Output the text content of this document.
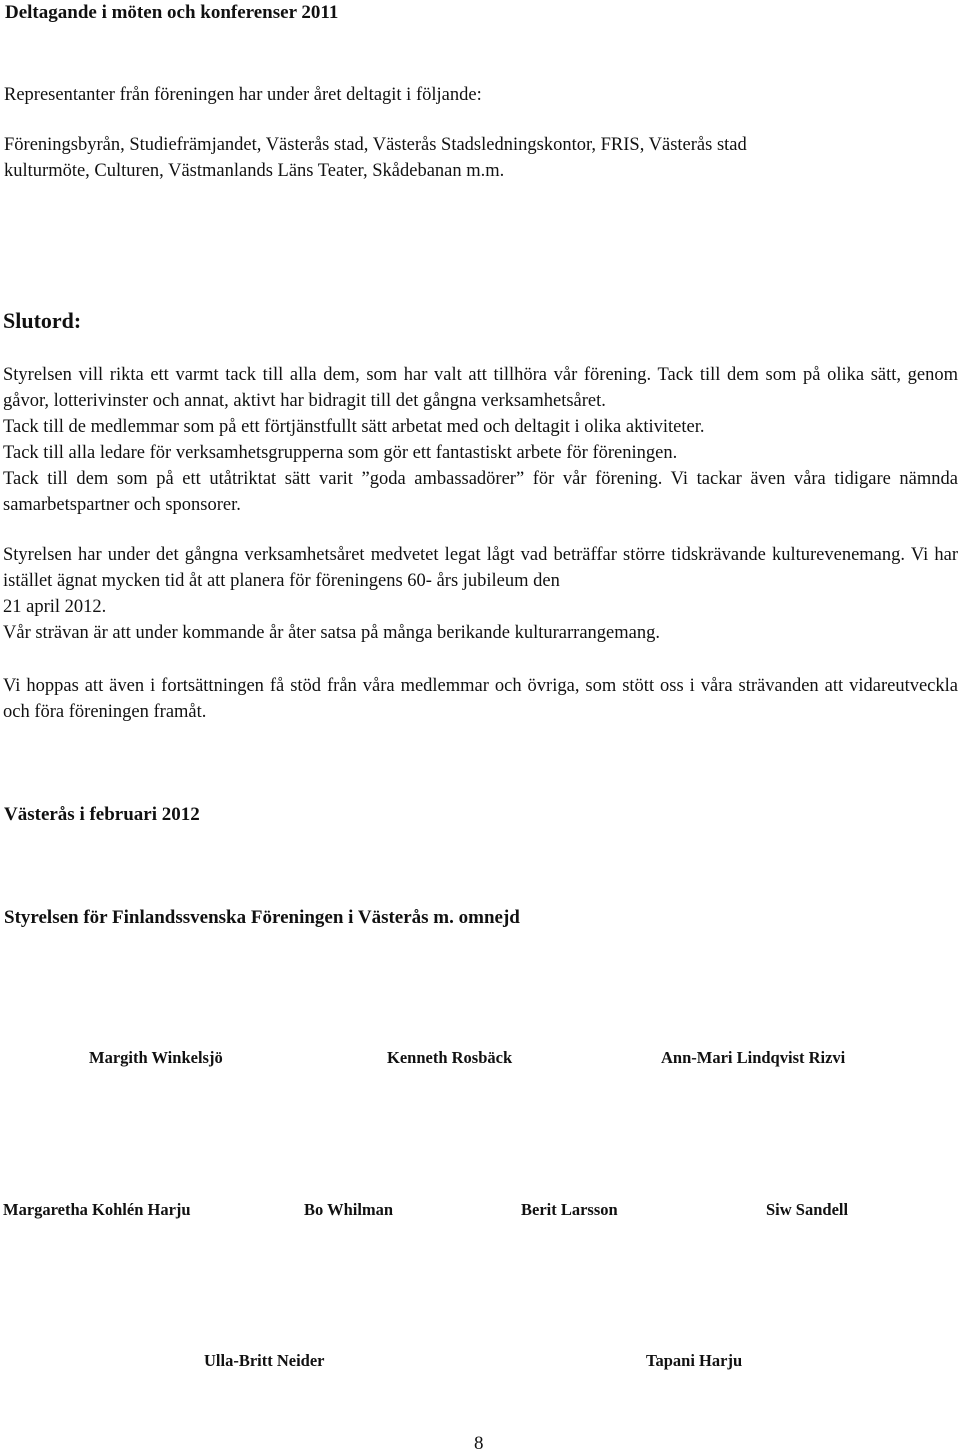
Deltagande i möten och konferenser 2011
Representanter från föreningen har under året deltagit i följande:
Föreningsbyrån, Studiefrämjandet, Västerås stad, Västerås Stadsledningskontor, FRIS, Västerås stad
kulturmöte, Culturen, Västmanlands Läns Teater, Skådebanan m.m.
Slutord:

Styrelsen vill rikta ett varmt tack till alla dem, som har valt att tillhöra vår förening. Tack till dem som på olika sätt, genom gåvor, lotterivinster och annat, aktivt har bidragit till det gångna verksamhetsåret.
Tack till de medlemmar som på ett förtjänstfullt sätt arbetat med och deltagit i olika aktiviteter.
Tack till alla ledare för verksamhetsgrupperna som gör ett fantastiskt arbete för föreningen.
Tack till dem som på ett utåtriktat sätt varit ”goda ambassadörer” för vår förening. Vi tackar även våra tidigare nämnda samarbetspartner och sponsorer.

Styrelsen har under det gångna verksamhetsåret medvetet legat lågt vad beträffar större tidskrävande kulturevenemang. Vi har istället ägnat mycken tid åt att planera för föreningens 60- års jubileum den
21 april 2012.
Vår strävan är att under kommande år åter satsa på många berikande kulturarrangemang.

Vi hoppas att även i fortsättningen få stöd från våra medlemmar och övriga, som stött oss i våra strävanden att vidareutveckla och föra föreningen framåt.

Västerås i februari 2012
Styrelsen för Finlandssvenska Föreningen i Västerås m. omnejd
Margith Winkelsjö	Kenneth Rosbäck	Ann-Mari Lindqvist Rizvi
Margaretha Kohlén Harju	Bo Whilman	Berit Larsson	Siw Sandell
Ulla-Britt Neider	Tapani Harju
8
